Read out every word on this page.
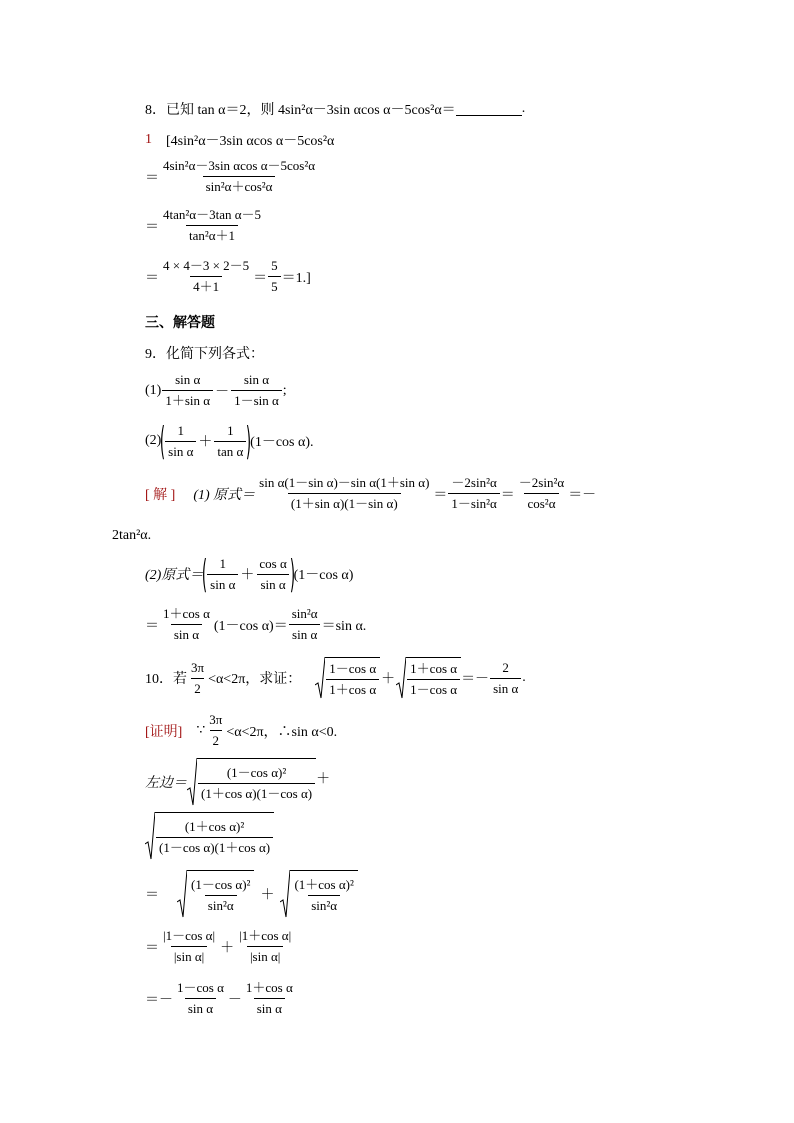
8．已知 tan α＝2，则 4sin²α－3sin αcos α－5cos²α＝	.
1 [4sin²α－3sin αcos α－5cos²α
＝ $\frac{\text{4sin²α－3sin αcos α－5cos²α}}{\text{sin²α＋cos²α}}$
＝ $\frac{\text{4tan²α－3tan α－5}}{\text{tan²α＋1}}$
＝ $\frac{4 \times 4-3 \times 2-5}{4+1} = \frac{5}{5} =1$.]
三、解答题
9．化简下列各式：
$(1) \frac{\text{sin α}}{\text{1＋sin α}} - \frac{\text{sin α}}{\text{1－sin α}}$ ;
(2)
( $\frac{1}{\text{sin α}} + \frac{1}{\text{tan α}}$ )
(1－cos α).
[ 解 ] (1) 原式＝ $\frac{\text{sin α(1－sin α)－sin α(1＋sin α)}}{\text{(1＋sin α)(1－sin α)}} = \frac{\text{－2sin²α}}{\text{1－sin²α}} = \frac{\text{－2sin²α}}{\text{cos²α}}$ ＝－
2tan²α.
(2)原式＝
( $\frac{1}{\text{sin α}} + \frac{\text{cos α}}{\text{sin α}}$ )
(1－cos α)
＝ $\frac{\text{1＋cos α}}{\text{sin α}} (1-\cos$ $\alpha)= \frac{\text{sin²α}}{\text{sin α}} =\sin$ α.
10．若 $\frac{3\pi}{2} <\alpha<2\pi$，求证： $\frac{\text{1－cos α}}{\text{1＋cos α}} + \frac{\text{1＋cos α}}{\text{1－cos α}} =- \frac{2}{\text{sin α}}$ .
[证明] ∵ $\frac{3\pi}{2} <\alpha<2\pi$，∴sin α<0.
左边＝ $\frac{\text{(1－cos α)²}}{\text{(1＋cos α)(1－cos α)}}$ ＋
$\frac{\text{(1＋cos α)²}}{\text{(1－cos α)(1＋cos α)}}$
＝ $\frac{\text{(1－cos α)²}}{\text{sin²α}} + \frac{\text{(1＋cos α)²}}{\text{sin²α}}$
＝ $\frac{\text{|1－cos α|}}{\text{|sin α|}} + \frac{\text{|1＋cos α|}}{\text{|sin α|}}$
＝－ $\frac{\text{1－cos α}}{\text{sin α}} - \frac{\text{1＋cos α}}{\text{sin α}}$
